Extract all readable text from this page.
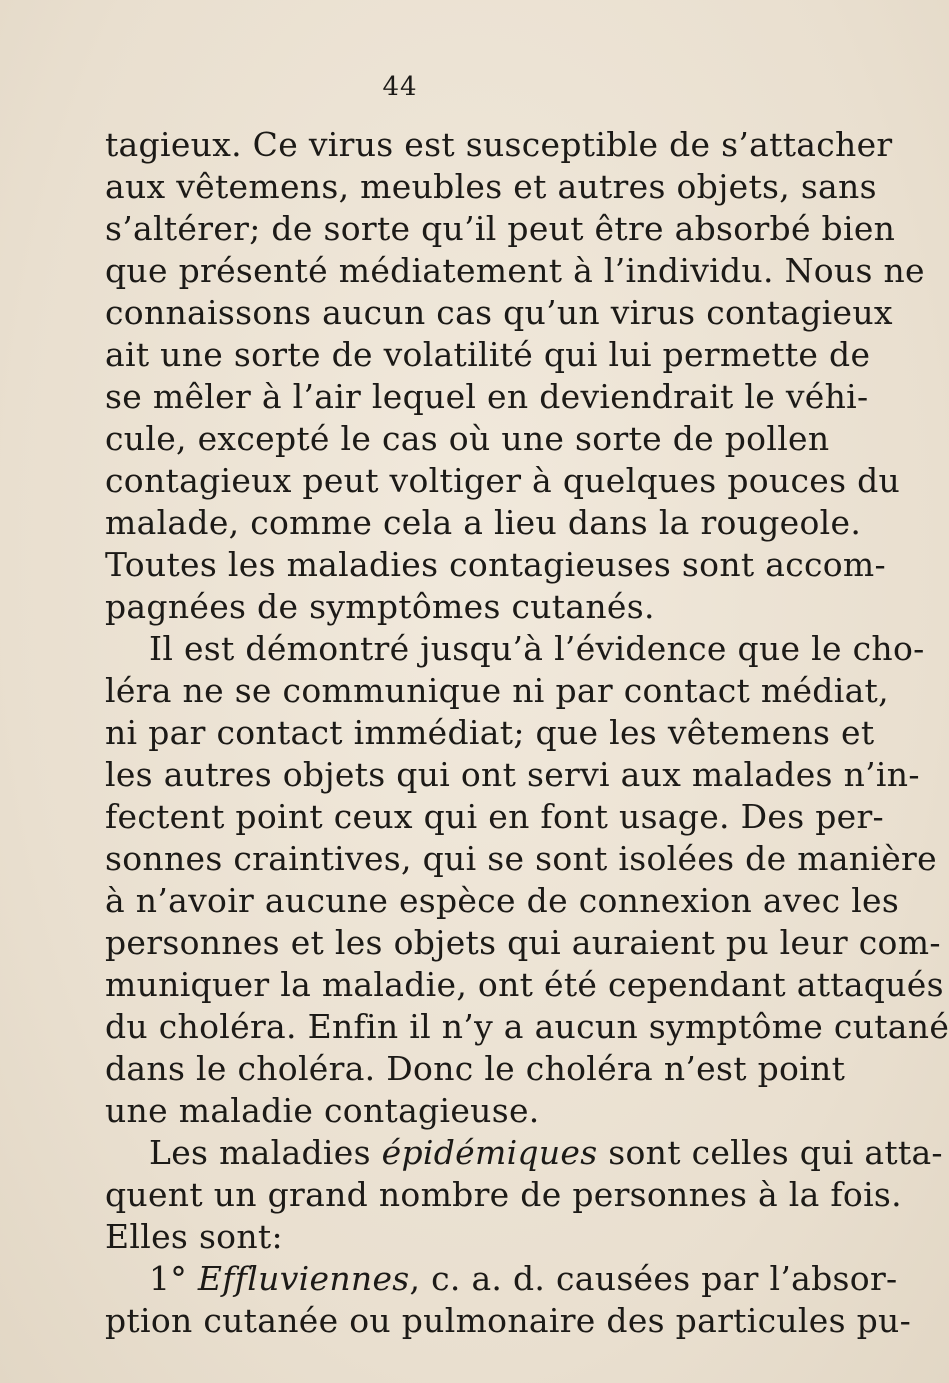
44
tagieux. Ce virus est susceptible de s’attacher
aux vêtemens, meubles et autres objets, sans
s’altérer; de sorte qu’il peut être absorbé bien
que présenté médiatement à l’individu. Nous ne
connaissons aucun cas qu’un virus contagieux
ait une sorte de volatilité qui lui permette de
se mêler à l’air lequel en deviendrait le véhi-
cule, excepté le cas où une sorte de pollen
contagieux peut voltiger à quelques pouces du
malade, comme cela a lieu dans la rougeole.
Toutes les maladies contagieuses sont accom-
pagnées de symptômes cutanés.
Il est démontré jusqu’à l’évidence que le cho-
léra ne se communique ni par contact médiat,
ni par contact immédiat; que les vêtemens et
les autres objets qui ont servi aux malades n’in-
fectent point ceux qui en font usage. Des per-
sonnes craintives, qui se sont isolées de manière
à n’avoir aucune espèce de connexion avec les
personnes et les objets qui auraient pu leur com-
muniquer la maladie, ont été cependant attaqués
du choléra. Enfin il n’y a aucun symptôme cutané
dans le choléra. Donc le choléra n’est point
une maladie contagieuse.
Les maladies épidémiques sont celles qui atta-
quent un grand nombre de personnes à la fois.
Elles sont:
1° Effluviennes, c. a. d. causées par l’absor-
ption cutanée ou pulmonaire des particules pu-
